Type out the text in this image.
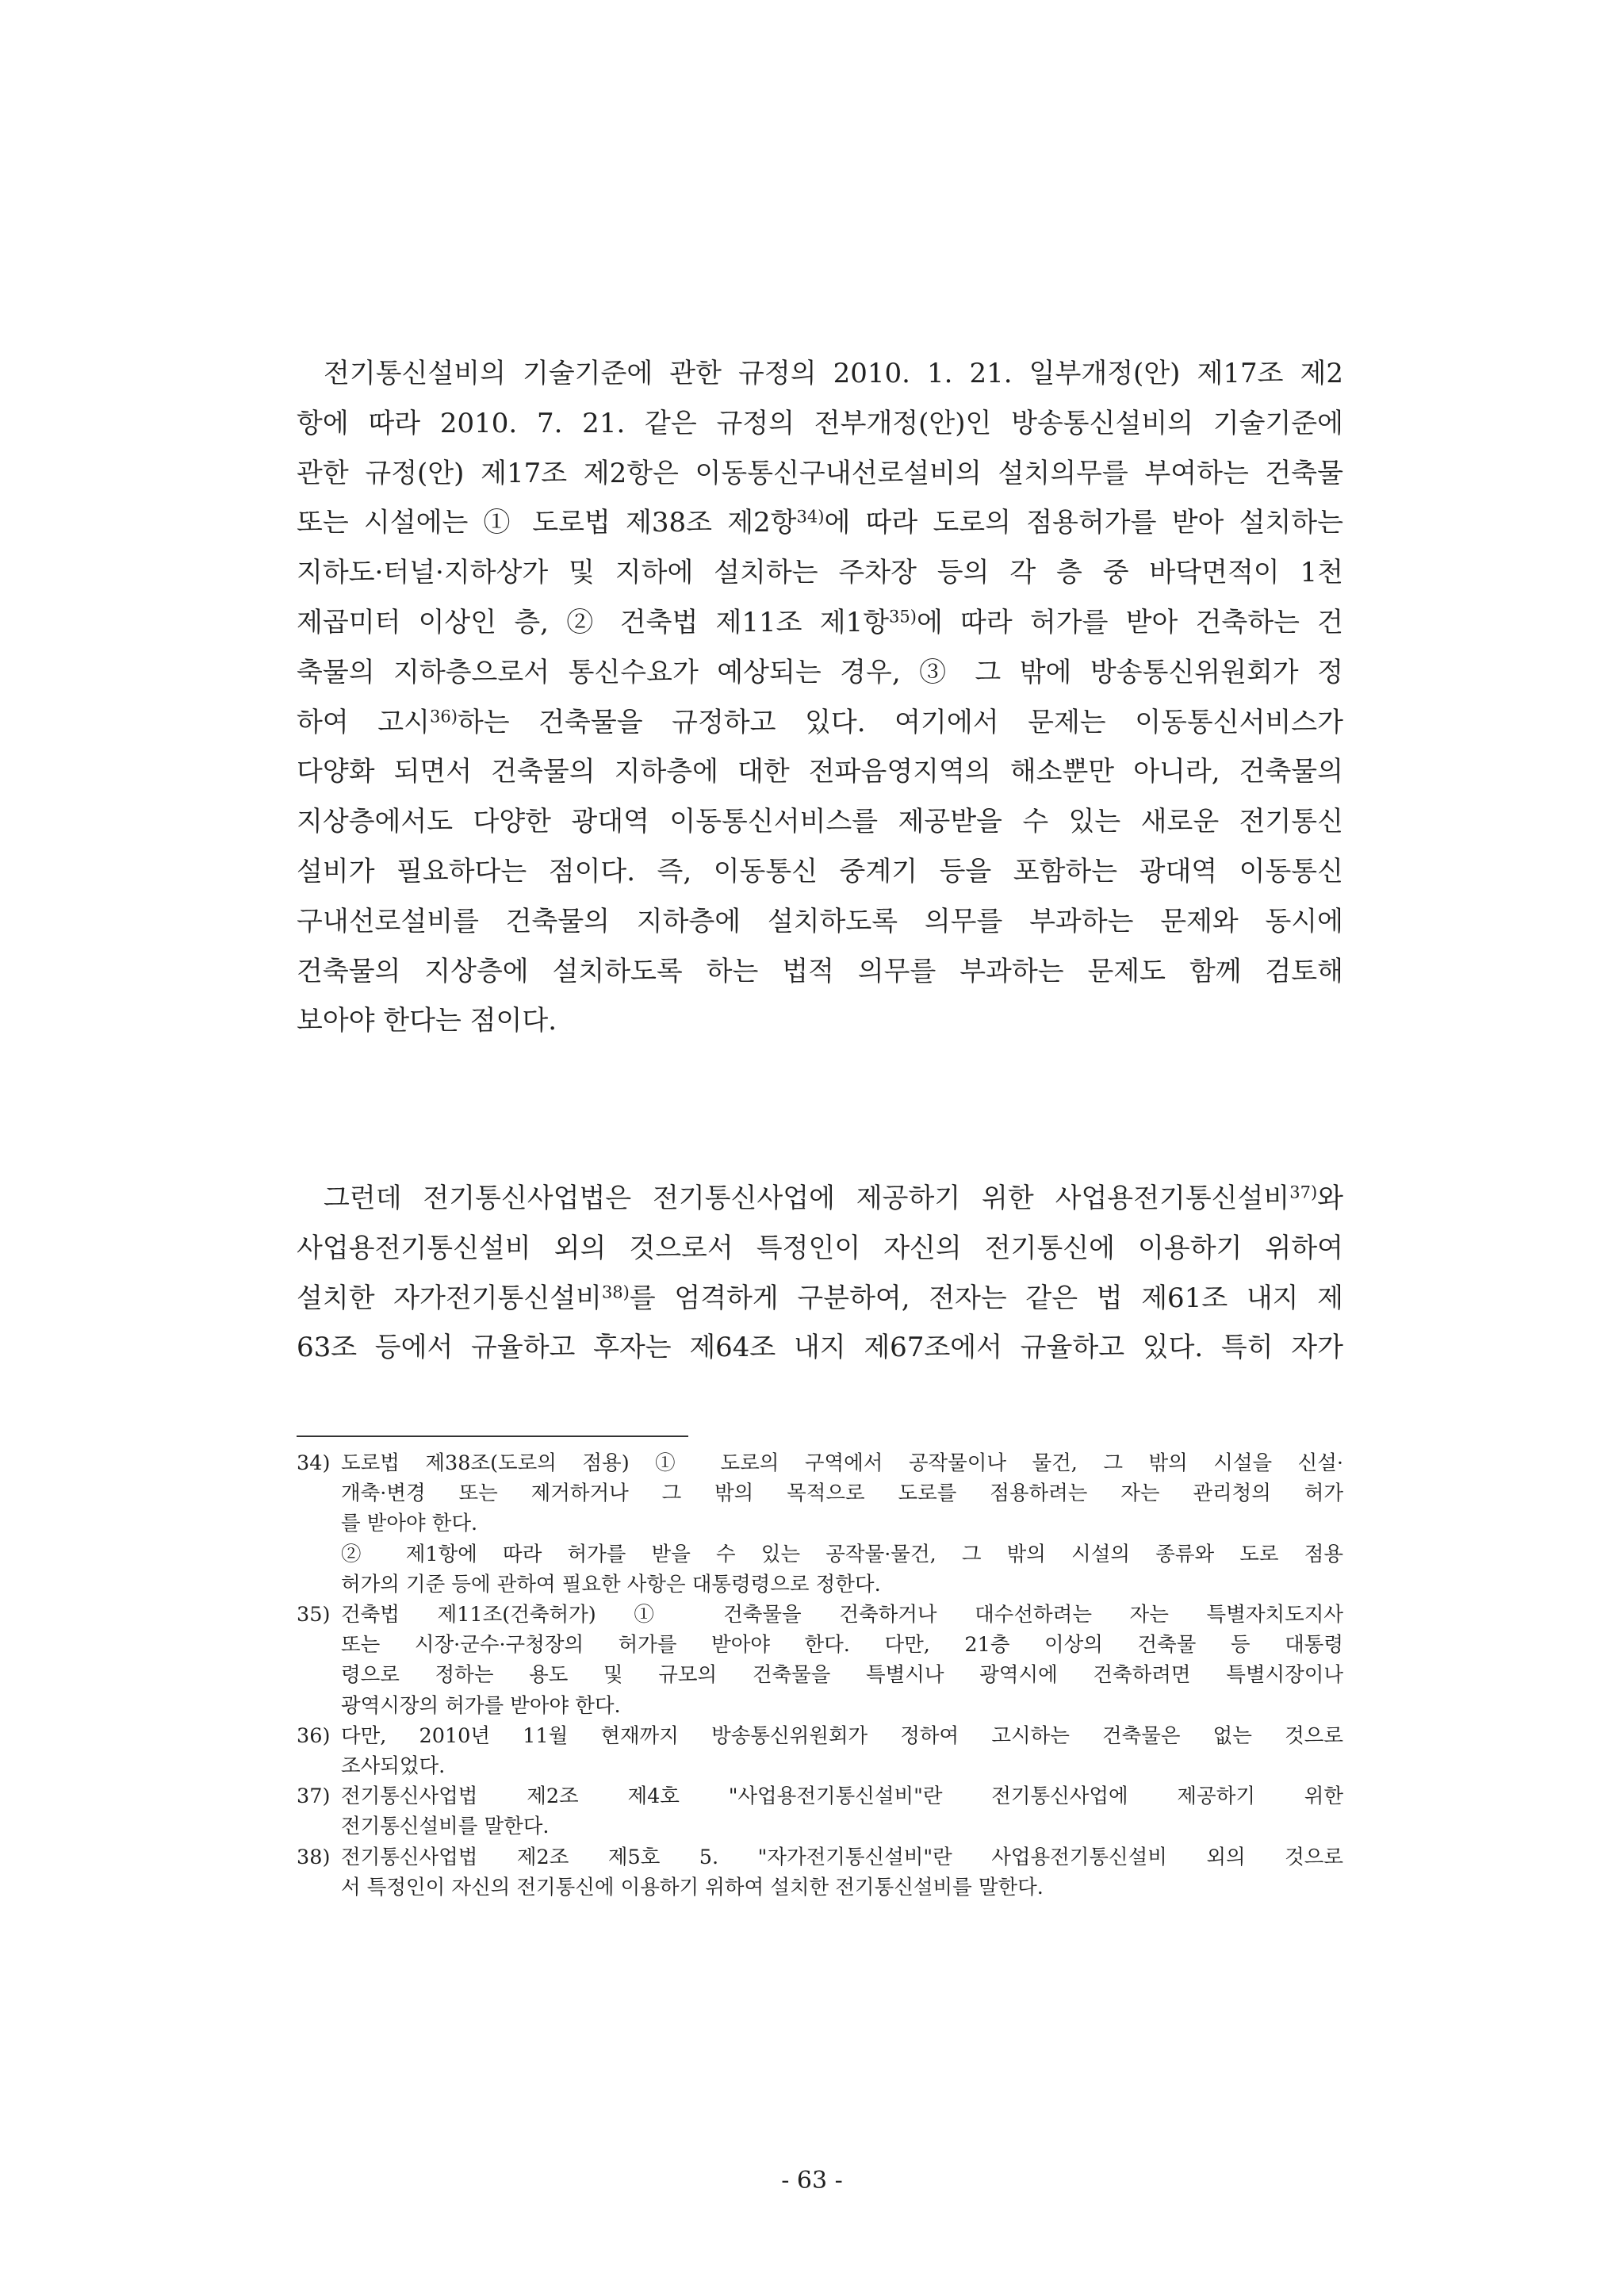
전기통신설비의 기술기준에 관한 규정의 2010. 1. 21. 일부개정(안) 제17조 제2
항에 따라 2010. 7. 21. 같은 규정의 전부개정(안)인 방송통신설비의 기술기준에
관한 규정(안) 제17조 제2항은 이동통신구내선로설비의 설치의무를 부여하는 건축물
또는 시설에는 ① 도로법 제38조 제2항$^{34)}$에 따라 도로의 점용허가를 받아 설치하는
지하도·터널·지하상가 및 지하에 설치하는 주차장 등의 각 층 중 바닥면적이 1천
제곱미터 이상인 층, ② 건축법 제11조 제1항$^{35)}$에 따라 허가를 받아 건축하는 건
축물의 지하층으로서 통신수요가 예상되는 경우, ③ 그 밖에 방송통신위원회가 정
하여 고시$^{36)}$하는 건축물을 규정하고 있다. 여기에서 문제는 이동통신서비스가
다양화 되면서 건축물의 지하층에 대한 전파음영지역의 해소뿐만 아니라, 건축물의
지상층에서도 다양한 광대역 이동통신서비스를 제공받을 수 있는 새로운 전기통신
설비가 필요하다는 점이다. 즉, 이동통신 중계기 등을 포함하는 광대역 이동통신
구내선로설비를 건축물의 지하층에 설치하도록 의무를 부과하는 문제와 동시에
건축물의 지상층에 설치하도록 하는 법적 의무를 부과하는 문제도 함께 검토해
보아야 한다는 점이다.
그런데 전기통신사업법은 전기통신사업에 제공하기 위한 사업용전기통신설비$^{37)}$와
사업용전기통신설비 외의 것으로서 특정인이 자신의 전기통신에 이용하기 위하여
설치한 자가전기통신설비$^{38)}$를 엄격하게 구분하여, 전자는 같은 법 제61조 내지 제
63조 등에서 규율하고 후자는 제64조 내지 제67조에서 규율하고 있다. 특히 자가
34) 도로법 제38조(도로의 점용) ① 도로의 구역에서 공작물이나 물건, 그 밖의 시설을 신설·
개축·변경 또는 제거하거나 그 밖의 목적으로 도로를 점용하려는 자는 관리청의 허가
를 받아야 한다.
② 제1항에 따라 허가를 받을 수 있는 공작물·물건, 그 밖의 시설의 종류와 도로 점용
허가의 기준 등에 관하여 필요한 사항은 대통령령으로 정한다.
35) 건축법 제11조(건축허가) ① 건축물을 건축하거나 대수선하려는 자는 특별자치도지사
또는 시장·군수·구청장의 허가를 받아야 한다. 다만, 21층 이상의 건축물 등 대통령
령으로 정하는 용도 및 규모의 건축물을 특별시나 광역시에 건축하려면 특별시장이나
광역시장의 허가를 받아야 한다.
36) 다만, 2010년 11월 현재까지 방송통신위원회가 정하여 고시하는 건축물은 없는 것으로
조사되었다.
37) 전기통신사업법 제2조 제4호 "사업용전기통신설비"란 전기통신사업에 제공하기 위한
전기통신설비를 말한다.
38) 전기통신사업법 제2조 제5호 5. "자가전기통신설비"란 사업용전기통신설비 외의 것으로
서 특정인이 자신의 전기통신에 이용하기 위하여 설치한 전기통신설비를 말한다.
- 63 -
